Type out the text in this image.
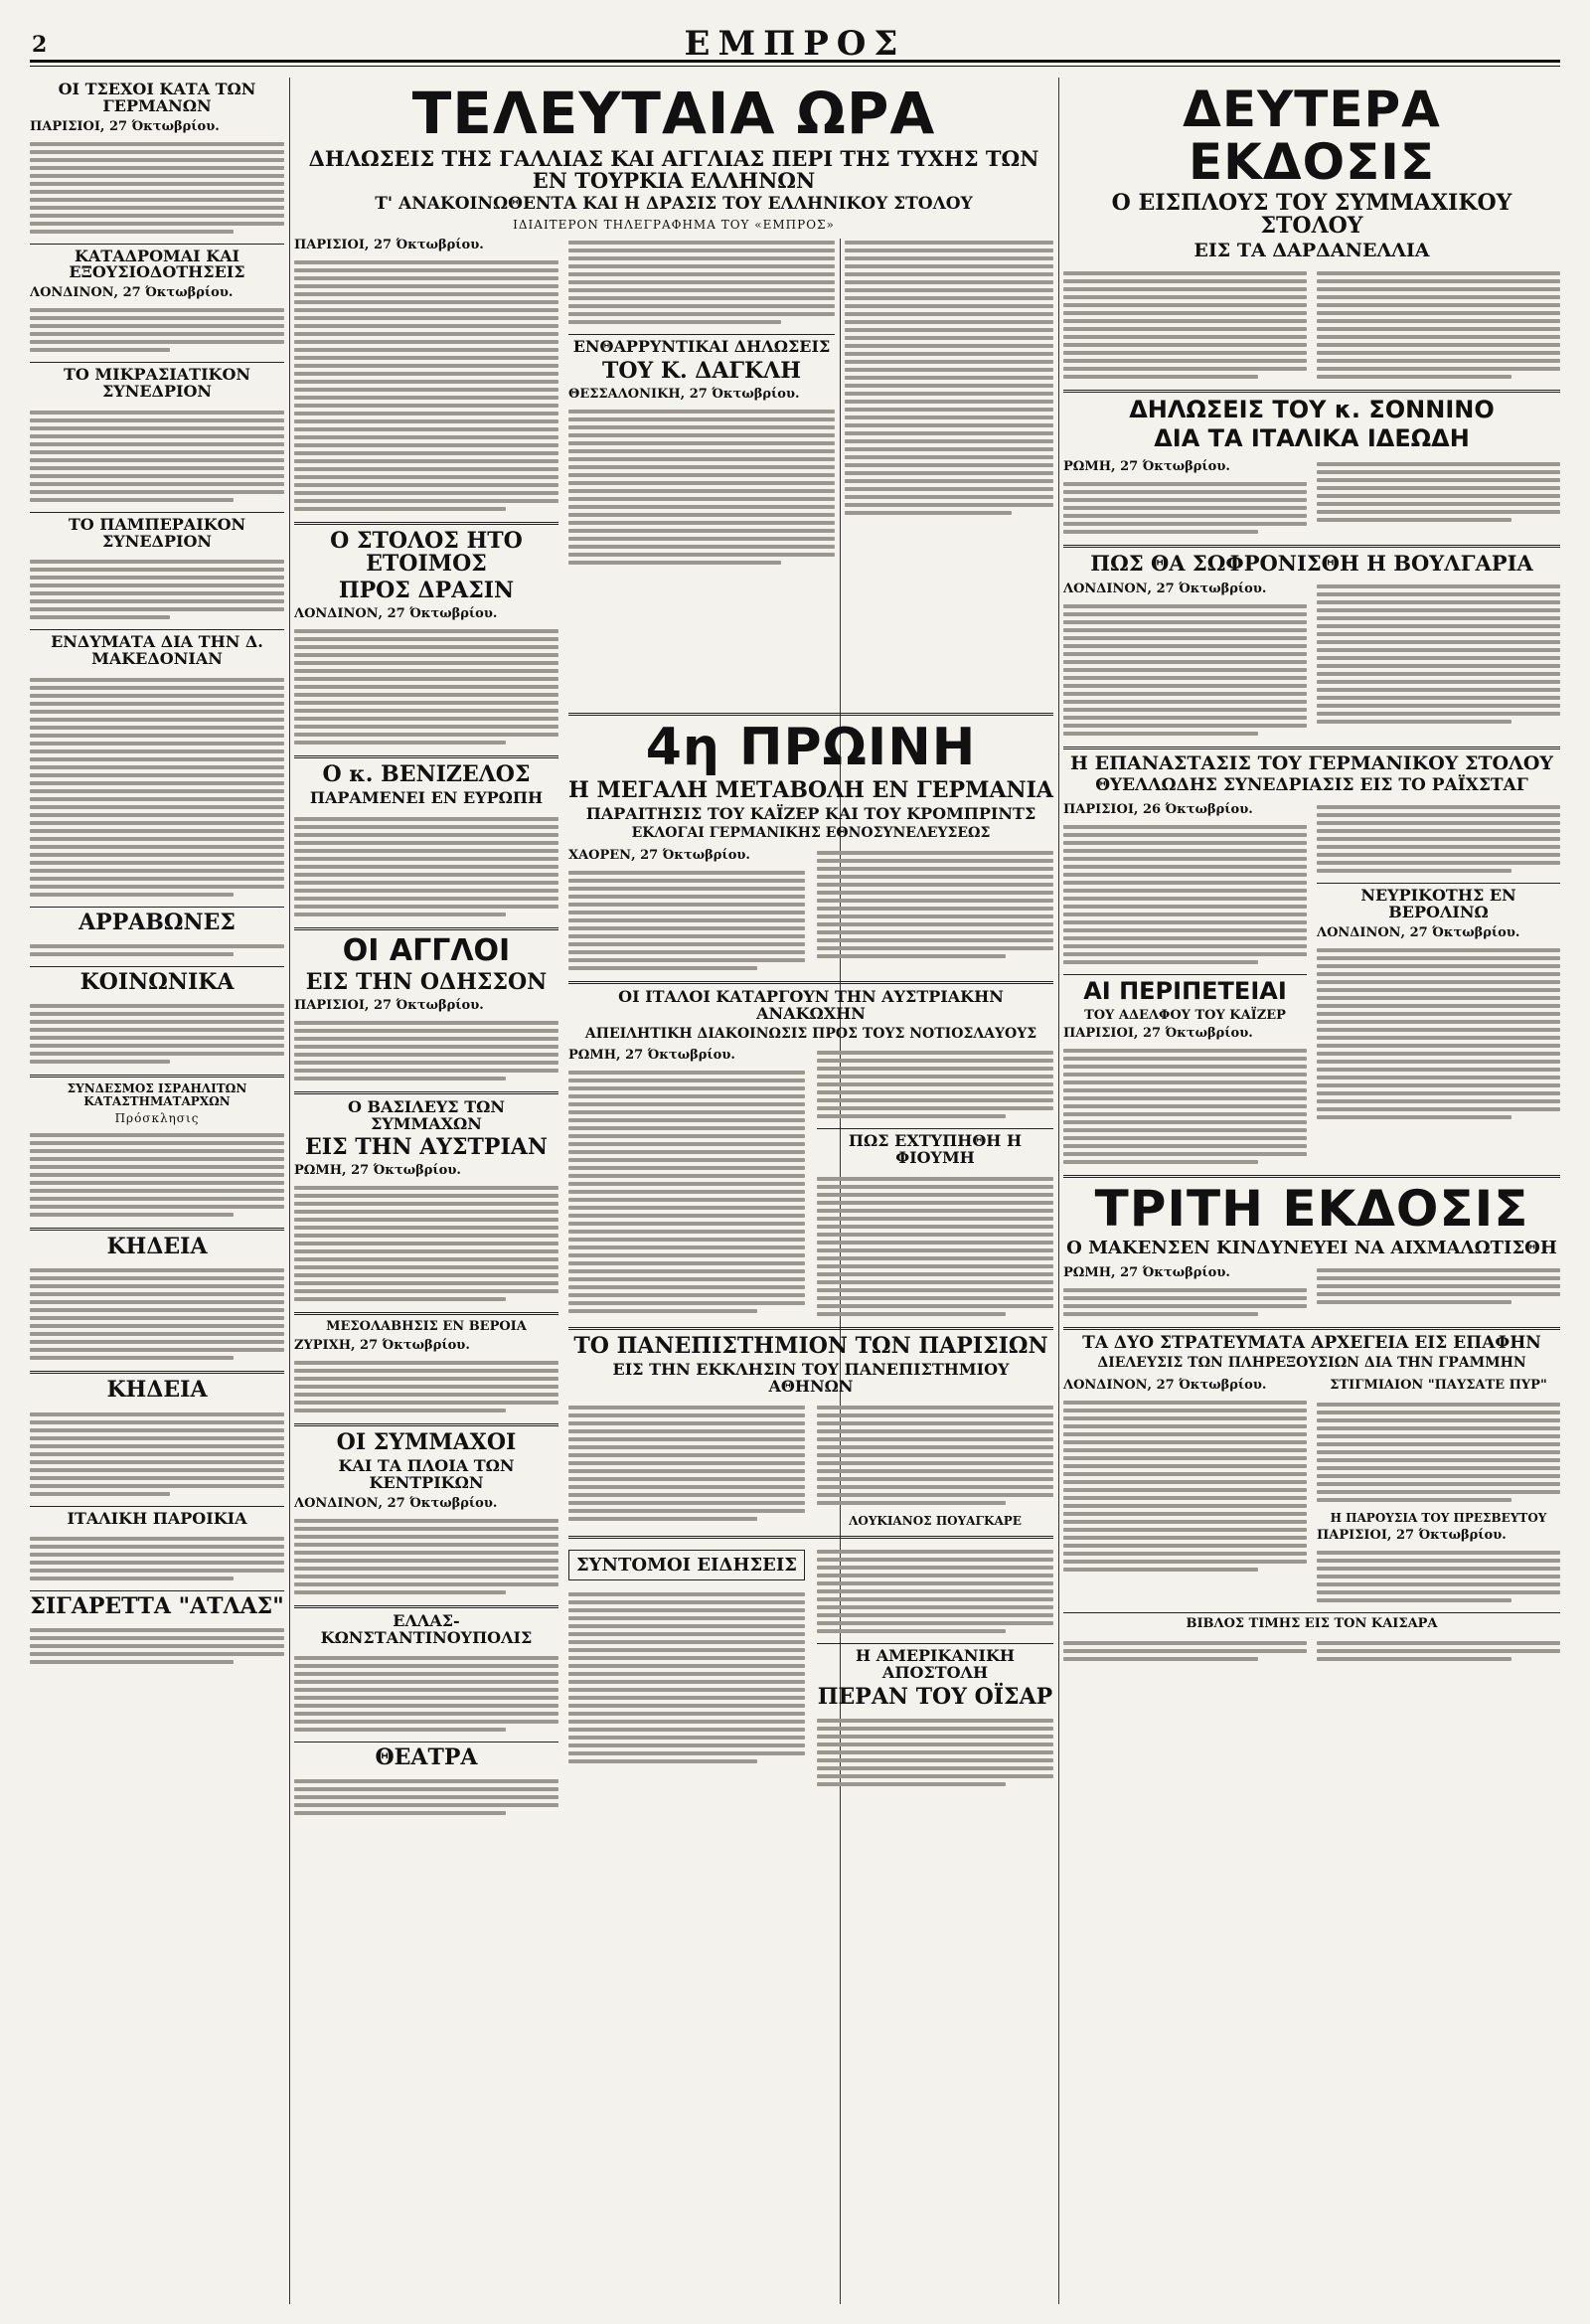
2	ΕΜΠΡΟΣ
ΟΙ ΤΣΕΧΟΙ ΚΑΤΑ ΤΩΝ ΓΕΡΜΑΝΩΝ
ΠΑΡΙΣΙΟΙ, 27 Όκτωβρίου.
ΚΑΤΑΔΡΟΜΑΙ ΚΑΙ ΕΞΟΥΣΙΟΔΟΤΗΣΕΙΣ
ΛΟΝΔΙΝΟΝ, 27 Όκτωβρίου.
ΤΟ ΜΙΚΡΑΣΙΑΤΙΚΟΝ ΣΥΝΕΔΡΙΟΝ
ΤΟ ΠΑΜΠΕΡΑΙΚΟΝ ΣΥΝΕΔΡΙΟΝ
ΕΝΔΥΜΑΤΑ ΔΙΑ ΤΗΝ Δ. ΜΑΚΕΔΟΝΙΑΝ
ΑΡΡΑΒΩΝΕΣ
ΚΟΙΝΩΝΙΚΑ
ΣΥΝΔΕΣΜΟΣ ΙΣΡΑΗΛΙΤΩΝ ΚΑΤΑΣΤΗΜΑΤΑΡΧΩΝ
Πρόσκλησις
ΚΗΔΕΙΑ
ΚΗΔΕΙΑ
ΙΤΑΛΙΚΗ ΠΑΡΟΙΚΙΑ
ΣΙΓΑΡΕΤΤΑ "ΑΤΛΑΣ"
ΤΕΛΕΥΤΑΙΑ ΩΡΑ
ΔΗΛΩΣΕΙΣ ΤΗΣ ΓΑΛΛΙΑΣ ΚΑΙ ΑΓΓΛΙΑΣ ΠΕΡΙ ΤΗΣ ΤΥΧΗΣ ΤΩΝ ΕΝ ΤΟΥΡΚΙΑ ΕΛΛΗΝΩΝ
Τ' ΑΝΑΚΟΙΝΩΘΕΝΤΑ ΚΑΙ Η ΔΡΑΣΙΣ ΤΟΥ ΕΛΛΗΝΙΚΟΥ ΣΤΟΛΟΥ
ΙΔΙΑΙΤΕΡΟΝ ΤΗΛΕΓΡΑΦΗΜΑ ΤΟΥ «ΕΜΠΡΟΣ»
ΠΑΡΙΣΙΟΙ, 27 Όκτωβρίου.
Ο ΣΤΟΛΟΣ ΗΤΟ ΕΤΟΙΜΟΣ
ΠΡΟΣ ΔΡΑΣΙΝ
ΛΟΝΔΙΝΟΝ, 27 Όκτωβρίου.
Ο κ. ΒΕΝΙΖΕΛΟΣ
ΠΑΡΑΜΕΝΕΙ ΕΝ ΕΥΡΩΠΗ
ΟΙ ΑΓΓΛΟΙ
ΕΙΣ ΤΗΝ ΟΔΗΣΣΟΝ
ΠΑΡΙΣΙΟΙ, 27 Όκτωβρίου.
Ο ΒΑΣΙΛΕΥΣ ΤΩΝ ΣΥΜΜΑΧΩΝ
ΕΙΣ ΤΗΝ ΑΥΣΤΡΙΑΝ
ΡΩΜΗ, 27 Όκτωβρίου.
ΜΕΣΟΛΑΒΗΣΙΣ ΕΝ ΒΕΡΟΙΑ
ΖΥΡΙΧΗ, 27 Όκτωβρίου.
ΟΙ ΣΥΜΜΑΧΟΙ
ΚΑΙ ΤΑ ΠΛΟΙΑ ΤΩΝ ΚΕΝΤΡΙΚΩΝ
ΛΟΝΔΙΝΟΝ, 27 Όκτωβρίου.
ΕΛΛΑΣ-ΚΩΝΣΤΑΝΤΙΝΟΥΠΟΛΙΣ
ΘΕΑΤΡΑ
ΕΝΘΑΡΡΥΝΤΙΚΑΙ ΔΗΛΩΣΕΙΣ
ΤΟΥ Κ. ΔΑΓΚΛΗ
ΘΕΣΣΑΛΟΝΙΚΗ, 27 Όκτωβρίου.
4η ΠΡΩΙΝΗ
Η ΜΕΓΑΛΗ ΜΕΤΑΒΟΛΗ ΕΝ ΓΕΡΜΑΝΙΑ
ΠΑΡΑΙΤΗΣΙΣ ΤΟΥ ΚΑΪΖΕΡ ΚΑΙ ΤΟΥ ΚΡΟΜΠΡΙΝΤΣ
ΕΚΛΟΓΑΙ ΓΕΡΜΑΝΙΚΗΣ ΕΘΝΟΣΥΝΕΛΕΥΣΕΩΣ
ΧΑΟΡΕΝ, 27 Όκτωβρίου.
ΟΙ ΙΤΑΛΟΙ ΚΑΤΑΡΓΟΥΝ ΤΗΝ ΑΥΣΤΡΙΑΚΗΝ ΑΝΑΚΩΧΗΝ
ΑΠΕΙΛΗΤΙΚΗ ΔΙΑΚΟΙΝΩΣΙΣ ΠΡΟΣ ΤΟΥΣ ΝΟΤΙΟΣΛΑΥΟΥΣ
ΡΩΜΗ, 27 Όκτωβρίου.
ΠΩΣ ΕΧΤΥΠΗΘΗ Η ΦΙΟΥΜΗ
ΤΟ ΠΑΝΕΠΙΣΤΗΜΙΟΝ ΤΩΝ ΠΑΡΙΣΙΩΝ
ΕΙΣ ΤΗΝ ΕΚΚΛΗΣΙΝ ΤΟΥ ΠΑΝΕΠΙΣΤΗΜΙΟΥ ΑΘΗΝΩΝ
ΛΟΥΚΙΑΝΟΣ ΠΟΥΑΓΚΑΡΕ
ΣΥΝΤΟΜΟΙ ΕΙΔΗΣΕΙΣ
Η ΑΜΕΡΙΚΑΝΙΚΗ ΑΠΟΣΤΟΛΗ
ΠΕΡΑΝ ΤΟΥ ΟΪΣΑΡ
ΔΕΥΤΕΡΑ ΕΚΔΟΣΙΣ
Ο ΕΙΣΠΛΟΥΣ ΤΟΥ ΣΥΜΜΑΧΙΚΟΥ ΣΤΟΛΟΥ
ΕΙΣ ΤΑ ΔΑΡΔΑΝΕΛΛΙΑ
ΔΗΛΩΣΕΙΣ ΤΟΥ κ. ΣΟΝΝΙΝΟ
ΔΙΑ ΤΑ ΙΤΑΛΙΚΑ ΙΔΕΩΔΗ
ΡΩΜΗ, 27 Όκτωβρίου.
ΠΩΣ ΘΑ ΣΩΦΡΟΝΙΣΘΗ Η ΒΟΥΛΓΑΡΙΑ
ΛΟΝΔΙΝΟΝ, 27 Όκτωβρίου.
Η ΕΠΑΝΑΣΤΑΣΙΣ ΤΟΥ ΓΕΡΜΑΝΙΚΟΥ ΣΤΟΛΟΥ
ΘΥΕΛΛΩΔΗΣ ΣΥΝΕΔΡΙΑΣΙΣ ΕΙΣ ΤΟ ΡΑΪΧΣΤΑΓ
ΠΑΡΙΣΙΟΙ, 26 Όκτωβρίου.
ΑΙ ΠΕΡΙΠΕΤΕΙΑΙ
ΤΟΥ ΑΔΕΛΦΟΥ ΤΟΥ ΚΑΪΖΕΡ
ΠΑΡΙΣΙΟΙ, 27 Όκτωβρίου.
ΝΕΥΡΙΚΟΤΗΣ ΕΝ ΒΕΡΟΛΙΝΩ
ΛΟΝΔΙΝΟΝ, 27 Όκτωβρίου.
ΤΡΙΤΗ ΕΚΔΟΣΙΣ
Ο ΜΑΚΕΝΣΕΝ ΚΙΝΔΥΝΕΥΕΙ ΝΑ ΑΙΧΜΑΛΩΤΙΣΘΗ
ΡΩΜΗ, 27 Όκτωβρίου.
ΤΑ ΔΥΟ ΣΤΡΑΤΕΥΜΑΤΑ ΑΡΧΕΓΕΙΑ ΕΙΣ ΕΠΑΦΗΝ
ΔΙΕΛΕΥΣΙΣ ΤΩΝ ΠΛΗΡΕΞΟΥΣΙΩΝ ΔΙΑ ΤΗΝ ΓΡΑΜΜΗΝ
ΛΟΝΔΙΝΟΝ, 27 Όκτωβρίου.	ΣΤΙΓΜΙΑΙΟΝ "ΠΑΥΣΑΤΕ ΠΥΡ"
Η ΠΑΡΟΥΣΙΑ ΤΟΥ ΠΡΕΣΒΕΥΤΟΥ
ΠΑΡΙΣΙΟΙ, 27 Όκτωβρίου.
ΒΙΒΛΟΣ ΤΙΜΗΣ ΕΙΣ ΤΟΝ ΚΑΙΣΑΡΑ
